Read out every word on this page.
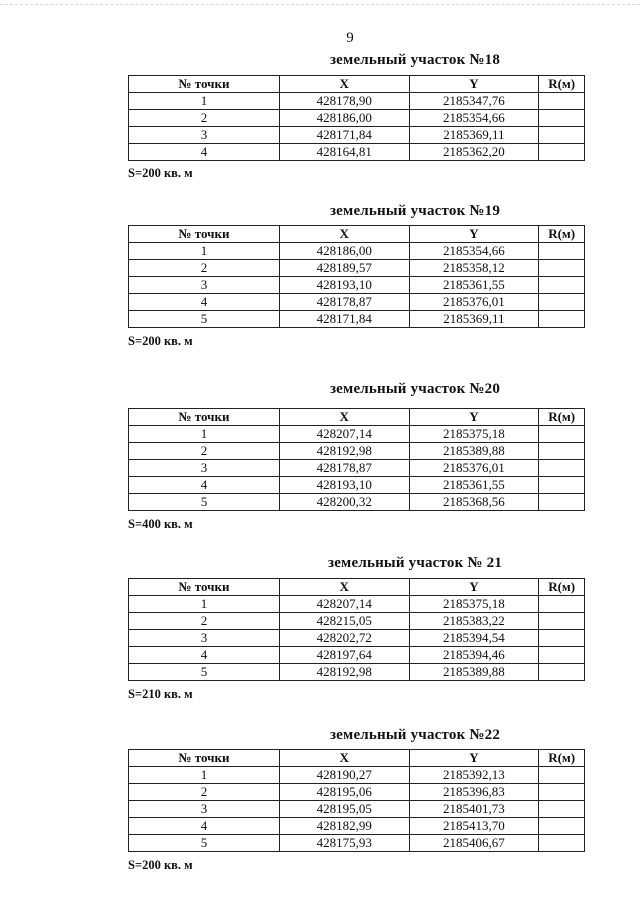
9
земельный участок №18
№ точки	X	Y	R(м)
1	428178,90	2185347,76	
2	428186,00	2185354,66	
3	428171,84	2185369,11	
4	428164,81	2185362,20	
S=200 кв. м
земельный участок №19
№ точки	X	Y	R(м)
1	428186,00	2185354,66	
2	428189,57	2185358,12	
3	428193,10	2185361,55	
4	428178,87	2185376,01	
5	428171,84	2185369,11	
S=200 кв. м
земельный участок №20
№ точки	X	Y	R(м)
1	428207,14	2185375,18	
2	428192,98	2185389,88	
3	428178,87	2185376,01	
4	428193,10	2185361,55	
5	428200,32	2185368,56	
S=400 кв. м
земельный участок № 21
№ точки	X	Y	R(м)
1	428207,14	2185375,18	
2	428215,05	2185383,22	
3	428202,72	2185394,54	
4	428197,64	2185394,46	
5	428192,98	2185389,88	
S=210 кв. м
земельный участок №22
№ точки	X	Y	R(м)
1	428190,27	2185392,13	
2	428195,06	2185396,83	
3	428195,05	2185401,73	
4	428182,99	2185413,70	
5	428175,93	2185406,67	
S=200 кв. м
